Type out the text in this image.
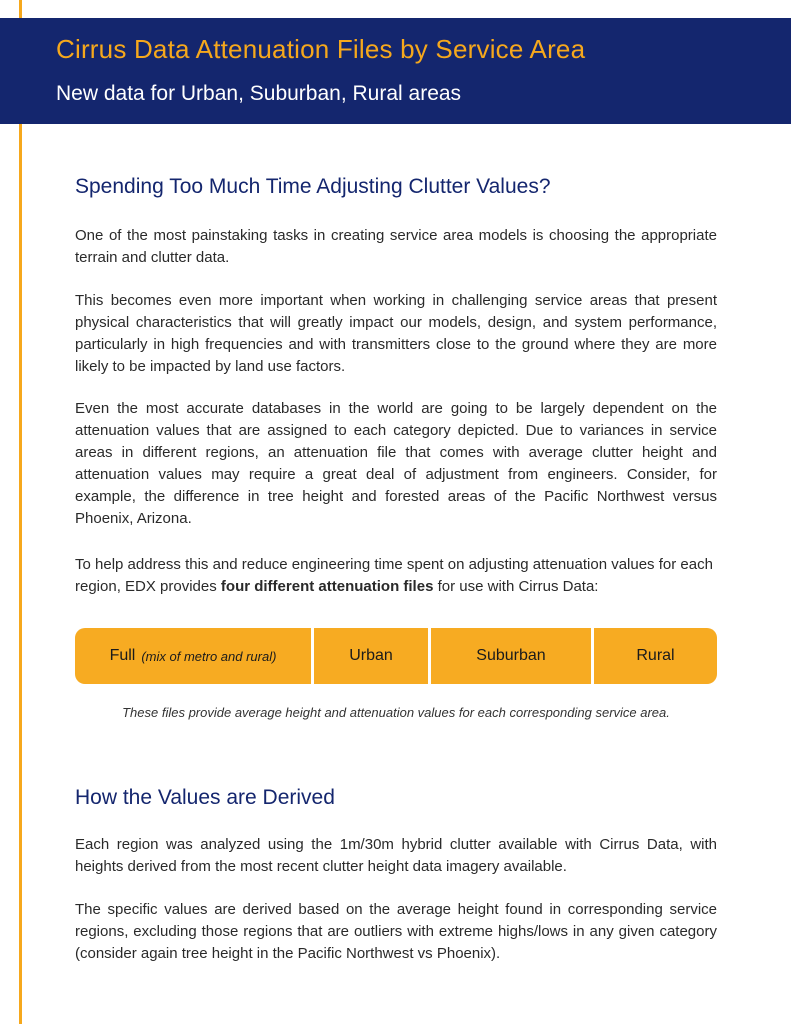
Cirrus Data Attenuation Files by Service Area
New data for Urban, Suburban, Rural areas
Spending Too Much Time Adjusting Clutter Values?

One of the most painstaking tasks in creating service area models is choosing the appropriate terrain and clutter data.

This becomes even more important when working in challenging service areas that present physical characteristics that will greatly impact our models, design, and system performance, particularly in high frequencies and with transmitters close to the ground where they are more likely to be impacted by land use factors.

Even the most accurate databases in the world are going to be largely dependent on the attenuation values that are assigned to each category depicted. Due to variances in service areas in different regions, an attenuation file that comes with average clutter height and attenuation values may require a great deal of adjustment from engineers. Consider, for example, the difference in tree height and forested areas of the Pacific Northwest versus Phoenix, Arizona.

To help address this and reduce engineering time spent on adjusting attenuation values for each region, EDX provides four different attenuation files for use with Cirrus Data:

Full (mix of metro and rural)	Urban	Suburban	Rural
These files provide average height and attenuation values for each corresponding service area.
How the Values are Derived

Each region was analyzed using the 1m/30m hybrid clutter available with Cirrus Data, with heights derived from the most recent clutter height data imagery available.

The specific values are derived based on the average height found in corresponding service regions, excluding those regions that are outliers with extreme highs/lows in any given category (consider again tree height in the Pacific Northwest vs Phoenix).
